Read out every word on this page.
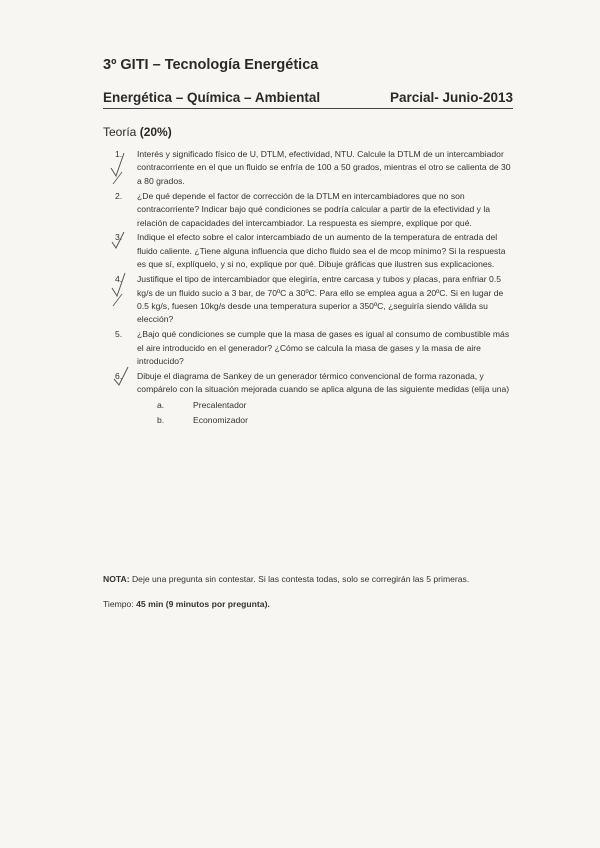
3º GITI – Tecnología Energética
Energética – Química – Ambiental	Parcial- Junio-2013
Teoría (20%)
1. Interés y significado físico de U, DTLM, efectividad, NTU. Calcule la DTLM de un intercambiador contracorriente en el que un fluido se enfría de 100 a 50 grados, mientras el otro se calienta de 30 a 80 grados.
2. ¿De qué depende el factor de corrección de la DTLM en intercambiadores que no son contracorriente? Indicar bajo qué condiciones se podría calcular a partir de la efectividad y la relación de capacidades del intercambiador. La respuesta es siempre, explique por qué.
3. Indique el efecto sobre el calor intercambiado de un aumento de la temperatura de entrada del fluido caliente. ¿Tiene alguna influencia que dicho fluido sea el de mcop mínimo? Si la respuesta es que sí, explíquelo, y si no, explique por qué. Dibuje gráficas que ilustren sus explicaciones.
4. Justifique el tipo de intercambiador que elegiría, entre carcasa y tubos y placas, para enfriar 0.5 kg/s de un fluido sucio a 3 bar, de 70ºC a 30ºC. Para ello se emplea agua a 20ºC. Si en lugar de 0.5 kg/s, fuesen 10kg/s desde una temperatura superior a 350ºC, ¿seguiría siendo válida su elección?
5. ¿Bajo qué condiciones se cumple que la masa de gases es igual al consumo de combustible más el aire introducido en el generador? ¿Cómo se calcula la masa de gases y la masa de aire introducido?
6. Dibuje el diagrama de Sankey de un generador térmico convencional de forma razonada, y compárelo con la situación mejorada cuando se aplica alguna de las siguiente medidas (elija una)
a.	Precalentador
b.	Economizador
NOTA: Deje una pregunta sin contestar. Si las contesta todas, solo se corregirán las 5 primeras.
Tiempo: 45 min (9 minutos por pregunta).
